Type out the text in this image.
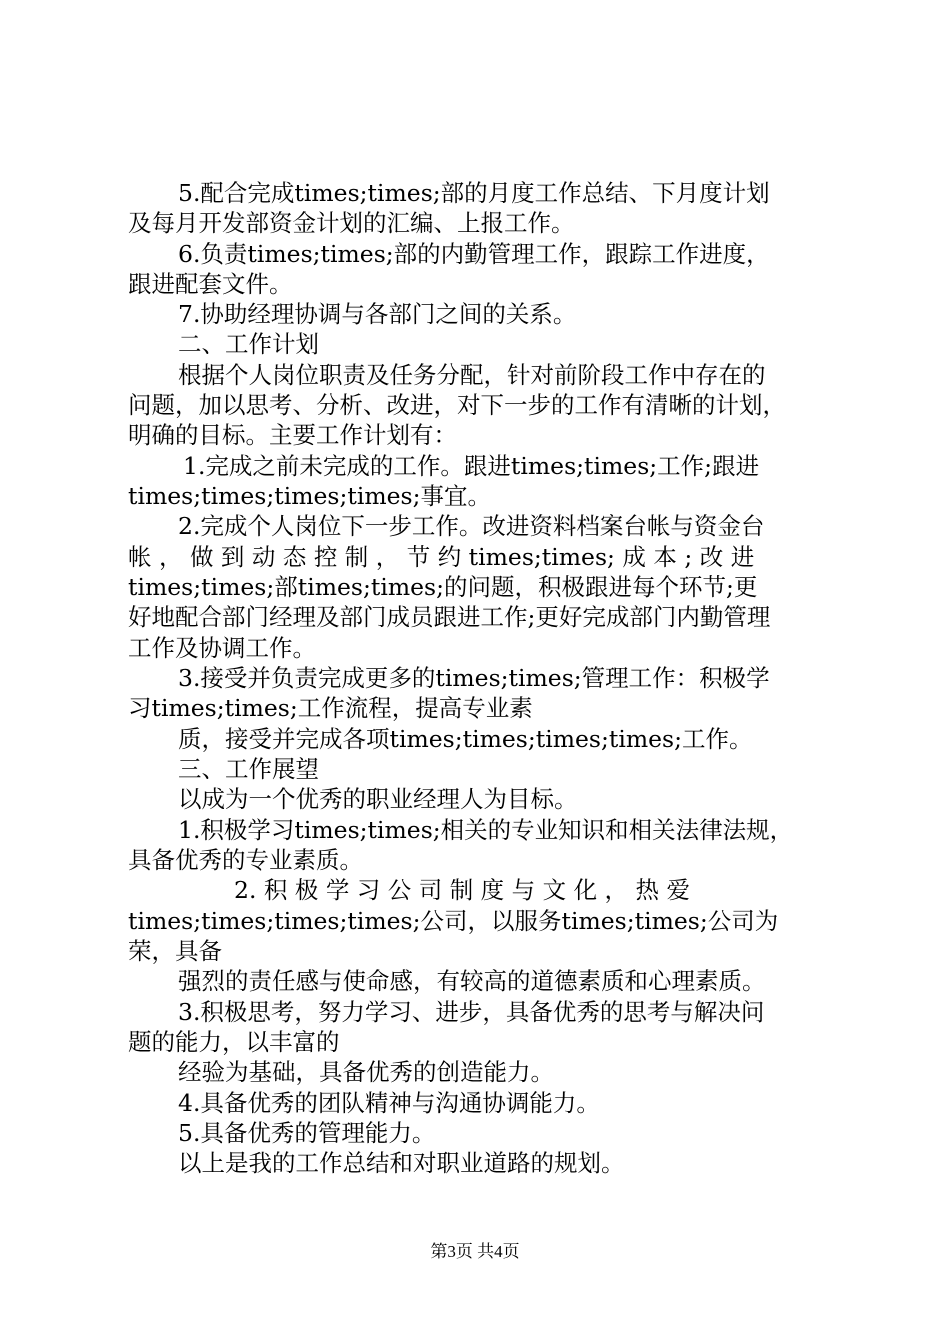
5.配合完成times;times;部的月度工作总结、下月度计划
及每月开发部资金计划的汇编、上报工作。
6.负责times;times;部的内勤管理工作，跟踪工作进度，
跟进配套文件。
7.协助经理协调与各部门之间的关系。
二、工作计划
根据个人岗位职责及任务分配，针对前阶段工作中存在的
问题，加以思考、分析、改进，对下一步的工作有清晰的计划，
明确的目标。主要工作计划有：
1.完成之前未完成的工作。跟进times;times;工作;跟进
times;times;times;times;事宜。
2.完成个人岗位下一步工作。改进资料档案台帐与资金台
帐 ， 做 到 动 态 控 制 ， 节 约 times;times; 成 本 ; 改 进
times;times;部times;times;的问题，积极跟进每个环节;更
好地配合部门经理及部门成员跟进工作;更好完成部门内勤管理
工作及协调工作。
3.接受并负责完成更多的times;times;管理工作：积极学
习times;times;工作流程，提高专业素
质，接受并完成各项times;times;times;times;工作。
三、工作展望
以成为一个优秀的职业经理人为目标。
1.积极学习times;times;相关的专业知识和相关法律法规，
具备优秀的专业素质。
2. 积 极 学 习 公 司 制 度 与 文 化 ， 热 爱
times;times;times;times;公司，以服务times;times;公司为
荣，具备
强烈的责任感与使命感，有较高的道德素质和心理素质。
3.积极思考，努力学习、进步，具备优秀的思考与解决问
题的能力，以丰富的
经验为基础，具备优秀的创造能力。
4.具备优秀的团队精神与沟通协调能力。
5.具备优秀的管理能力。
以上是我的工作总结和对职业道路的规划。
第3页 共4页
